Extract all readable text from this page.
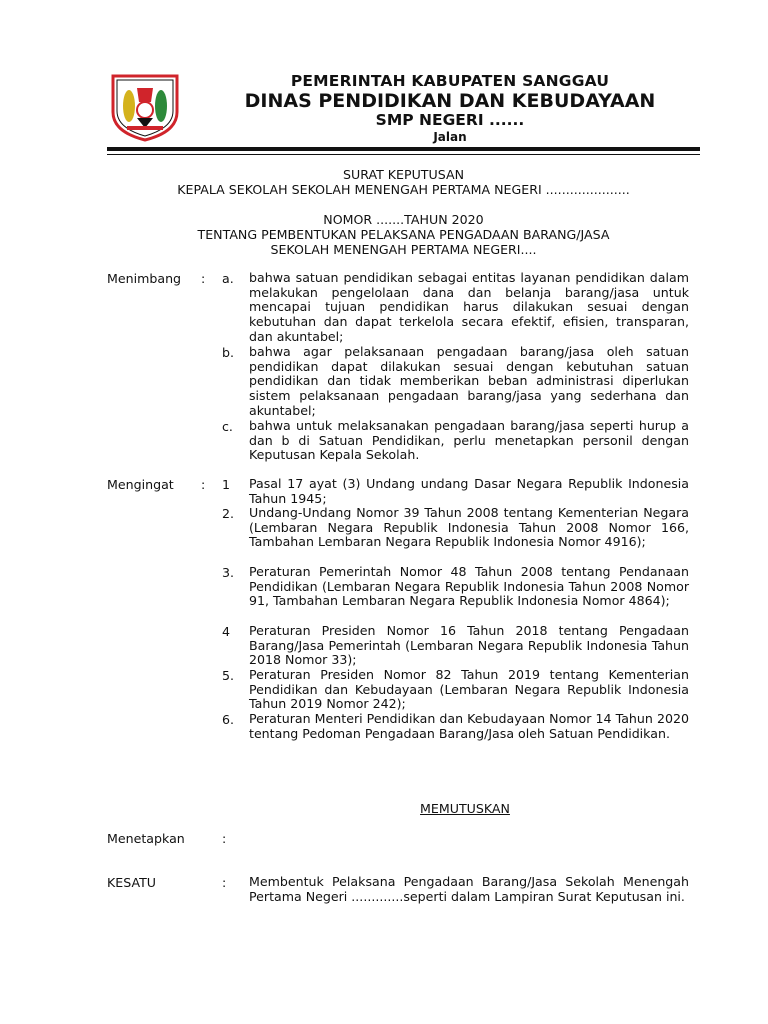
PEMERINTAH KABUPATEN SANGGAU
DINAS PENDIDIKAN DAN KEBUDAYAAN
SMP NEGERI ......
Jalan
SURAT KEPUTUSAN
KEPALA SEKOLAH SEKOLAH MENENGAH PERTAMA NEGERI .....................
NOMOR .......TAHUN 2020
TENTANG PEMBENTUKAN PELAKSANA PENGADAAN BARANG/JASA
SEKOLAH MENENGAH PERTAMA NEGERI....
Menimbang : a. bahwa satuan pendidikan sebagai entitas layanan pendidikan dalam melakukan pengelolaan dana dan belanja barang/jasa untuk mencapai tujuan pendidikan harus dilakukan sesuai dengan kebutuhan dan dapat terkelola secara efektif, efisien, transparan, dan akuntabel;
b. bahwa agar pelaksanaan pengadaan barang/jasa oleh satuan pendidikan dapat dilakukan sesuai dengan kebutuhan satuan pendidikan dan tidak memberikan beban administrasi diperlukan sistem pelaksanaan pengadaan barang/jasa yang sederhana dan akuntabel;
c. bahwa untuk melaksanakan pengadaan barang/jasa seperti hurup a dan b di Satuan Pendidikan, perlu menetapkan personil dengan Keputusan Kepala Sekolah.
Mengingat : 1 Pasal 17 ayat (3) Undang undang Dasar Negara Republik Indonesia Tahun 1945;
2. Undang-Undang Nomor 39 Tahun 2008 tentang Kementerian Negara (Lembaran Negara Republik Indonesia Tahun 2008 Nomor 166, Tambahan Lembaran Negara Republik Indonesia Nomor 4916);
3. Peraturan Pemerintah Nomor 48 Tahun 2008 tentang Pendanaan Pendidikan (Lembaran Negara Republik Indonesia Tahun 2008 Nomor 91, Tambahan Lembaran Negara Republik Indonesia Nomor 4864);
4 Peraturan Presiden Nomor 16 Tahun 2018 tentang Pengadaan Barang/Jasa Pemerintah (Lembaran Negara Republik Indonesia Tahun 2018 Nomor 33);
5. Peraturan Presiden Nomor 82 Tahun 2019 tentang Kementerian Pendidikan dan Kebudayaan (Lembaran Negara Republik Indonesia Tahun 2019 Nomor 242);
6. Peraturan Menteri Pendidikan dan Kebudayaan Nomor 14 Tahun 2020 tentang Pedoman Pengadaan Barang/Jasa oleh Satuan Pendidikan.
MEMUTUSKAN
Menetapkan	:
KESATU	: Membentuk Pelaksana Pengadaan Barang/Jasa Sekolah Menengah Pertama Negeri .............seperti dalam Lampiran Surat Keputusan ini.
